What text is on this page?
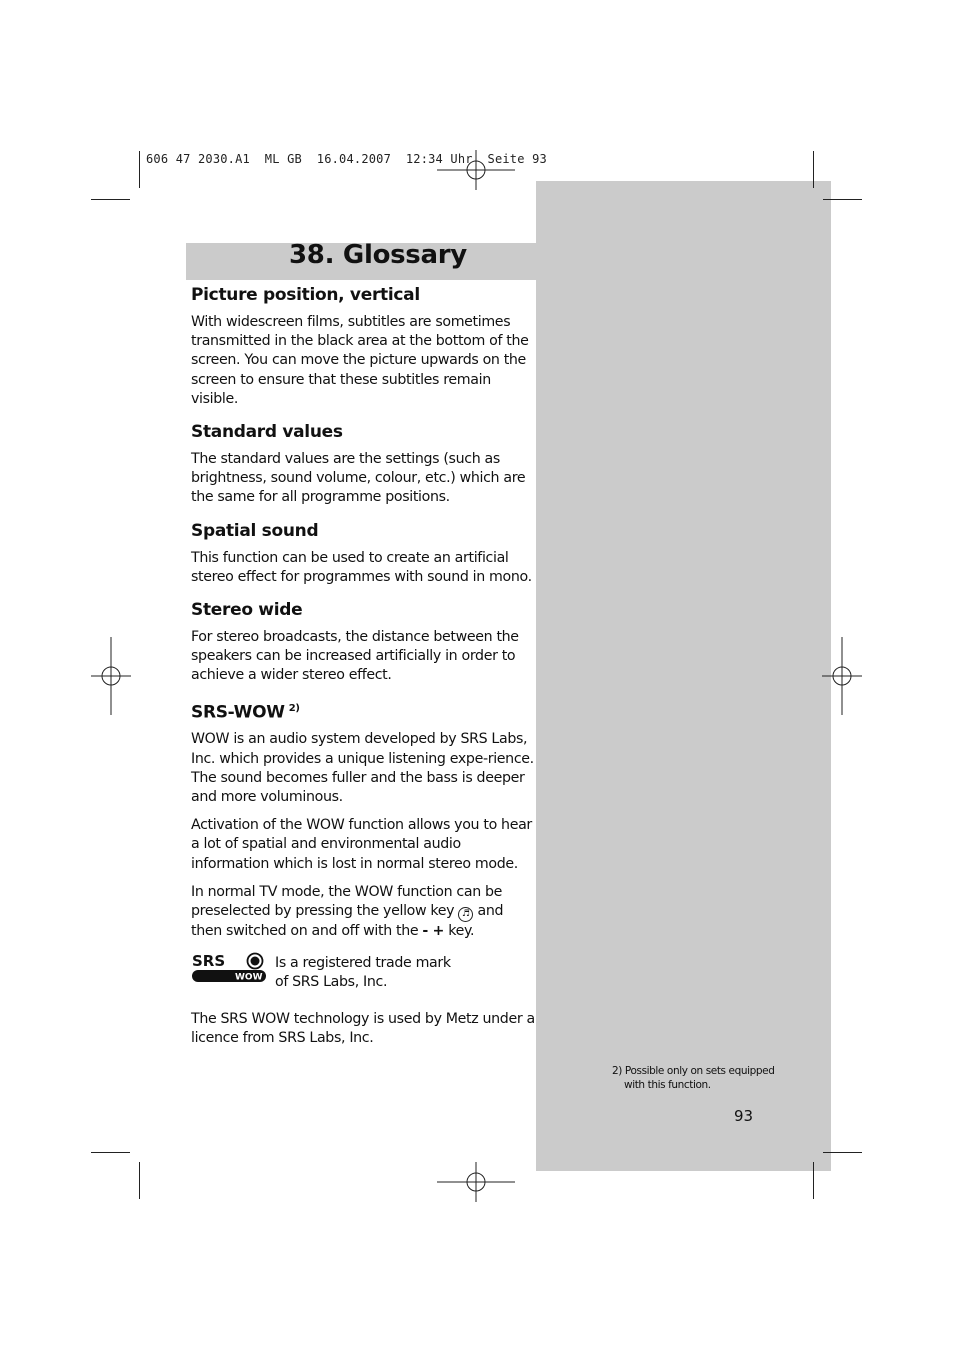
606 47 2030.A1  ML GB  16.04.2007  12:34 Uhr  Seite 93
38. Glossary
Picture position, vertical

With widescreen films, subtitles are sometimes transmitted in the black area at the bottom of the screen. You can move the picture upwards on the screen to ensure that these subtitles remain visible.

Standard values

The standard values are the settings (such as brightness, sound volume, colour, etc.) which are the same for all programme positions.

Spatial sound

This function can be used to create an artificial stereo effect for programmes with sound in mono.

Stereo wide

For stereo broadcasts, the distance between the speakers can be increased artificially in order to achieve a wider stereo effect.

SRS-WOW $^{2)}$

WOW is an audio system developed by SRS Labs, Inc. which provides a unique listening expe-rience. The sound becomes fuller and the bass is deeper and more voluminous.

Activation of the WOW function allows you to hear a lot of spatial and environmental audio information which is lost in normal stereo mode.

In normal TV mode, the WOW function can be preselected by pressing the yellow key ♬ and then switched on and off with the - + key.

SRS
WOW

Is a registered trade mark
of SRS Labs, Inc.

The SRS WOW technology is used by Metz under a licence from SRS Labs, Inc.

2) Possible only on sets equipped
with this function.

93
